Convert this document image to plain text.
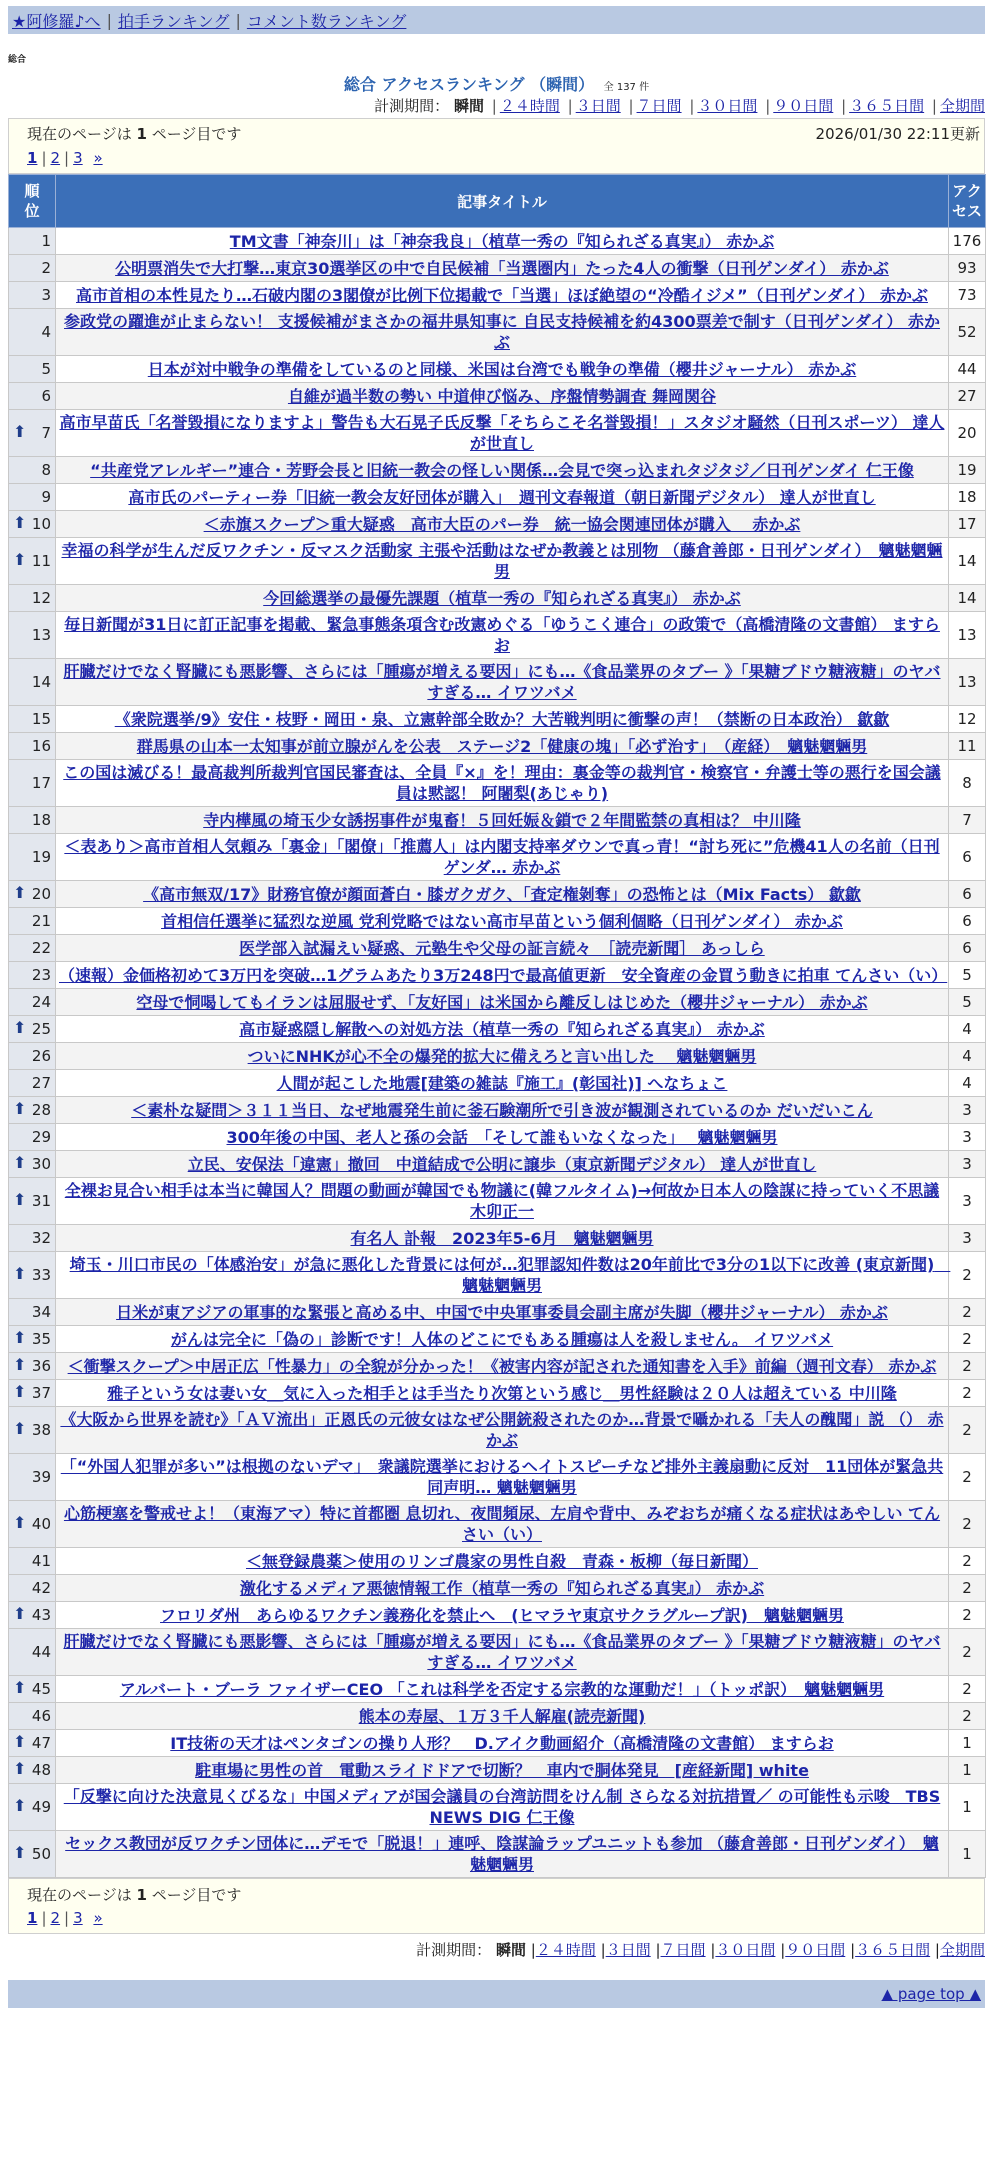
★阿修羅♪へ | 拍手ランキング | コメント数ランキング
総合
総合 アクセスランキング （瞬間） 全 137 件
計測期間： 瞬間 | ２４時間 | ３日間 | ７日間 | ３０日間 | ９０日間 | ３６５日間 | 全期間
現在のページは 1 ページ目です	2026/01/30 22:11更新
1 | 2 | 3 »
順位	記事タイトル	アクセス
1	TM文書「神奈川」は「神奈我良」（植草一秀の『知られざる真実』） 赤かぶ	176
2	公明票消失で大打撃…東京30選挙区の中で自民候補「当選圏内」たった4人の衝撃（日刊ゲンダイ） 赤かぶ	93
3	高市首相の本性見たり…石破内閣の3閣僚が比例下位掲載で「当選」ほぼ絶望の“冷酷イジメ”（日刊ゲンダイ） 赤かぶ	73
4	参政党の躍進が止まらない！ 支援候補がまさかの福井県知事に 自民支持候補を約4300票差で制す（日刊ゲンダイ） 赤かぶ	52
5	日本が対中戦争の準備をしているのと同様、米国は台湾でも戦争の準備（櫻井ジャーナル） 赤かぶ	44
6	自維が過半数の勢い 中道伸び悩み、序盤情勢調査 舞岡関谷	27

⬆ 7	高市早苗氏「名誉毀損になりますよ」警告も大石晃子氏反撃「そちらこそ名誉毀損！」スタジオ騒然（日刊スポーツ） 達人が世直し	20
8	“共産党アレルギー”連合・芳野会長と旧統一教会の怪しい関係…会見で突っ込まれタジタジ／日刊ゲンダイ 仁王像	19
9	高市氏のパーティー券「旧統一教会友好団体が購入」　週刊文春報道（朝日新聞デジタル） 達人が世直し	18

⬆ 10	＜赤旗スクープ＞重大疑惑　高市大臣のパー券　統一協会関連団体が購入　 赤かぶ	17

⬆ 11	幸福の科学が生んだ反ワクチン・反マスク活動家 主張や活動はなぜか教義とは別物 （藤倉善郎・日刊ゲンダイ）　魑魅魍魎男	14
12	今回総選挙の最優先課題（植草一秀の『知られざる真実』） 赤かぶ	14
13	毎日新聞が31日に訂正記事を掲載、緊急事態条項含む改憲めぐる「ゆうこく連合」の政策で（高橋清隆の文書館） ますらお	13
14	肝臓だけでなく腎臓にも悪影響、さらには「腫瘍が増える要因」にも…《食品業界のタブー 》「果糖ブドウ糖液糖」のヤバすぎる… イワツバメ	13
15	《衆院選挙/9》安住・枝野・岡田・泉、立憲幹部全敗か？大苦戦判明に衝撃の声！（禁断の日本政治） 歙歙	12
16	群馬県の山本一太知事が前立腺がんを公表　ステージ2「健康の塊」「必ず治す」　（産経）　魑魅魍魎男	11
17	この国は滅びる！最高裁判所裁判官国民審査は、全員『×』を！理由：裏金等の裁判官・検察官・弁護士等の悪行を国会議員は黙認！ 阿闍梨(あじゃり)	8
18	寺内樺風の埼玉少女誘拐事件が鬼畜！５回妊娠＆鎖で２年間監禁の真相は？ 中川隆	7
19	＜表あり＞高市首相人気頼み「裏金」「閣僚」「推薦人」は内閣支持率ダウンで真っ青！“討ち死に”危機41人の名前（日刊ゲンダ… 赤かぶ	6

⬆ 20	《高市無双/17》財務官僚が顔面蒼白・膝ガクガク、「査定権剝奪」の恐怖とは（Mix Facts） 歙歙	6
21	首相信任選挙に猛烈な逆風 党利党略ではない高市早苗という個利個略（日刊ゲンダイ） 赤かぶ	6
22	医学部入試漏えい疑惑、元塾生や父母の証言続々　［読売新聞］ あっしら	6
23	（速報）金価格初めて3万円を突破…1グラムあたり3万248円で最高値更新　安全資産の金買う動きに拍車 てんさい（い）	5
24	空母で恫喝してもイランは屈服せず、「友好国」は米国から離反しはじめた（櫻井ジャーナル） 赤かぶ	5

⬆ 25	高市疑惑隠し解散への対処方法（植草一秀の『知られざる真実』） 赤かぶ	4
26	ついにNHKが心不全の爆発的拡大に備えろと言い出した　 魑魅魍魎男	4
27	人間が起こした地震[建築の雑誌『施工』(彰国社)] へなちょこ	4

⬆ 28	＜素朴な疑問＞３１１当日、なぜ地震発生前に釜石験潮所で引き波が観測されているのか だいだいこん	3
29	300年後の中国、老人と孫の会話　「そして誰もいなくなった」　 魑魅魍魎男	3

⬆ 30	立民、安保法「違憲」撤回　中道結成で公明に譲歩（東京新聞デジタル） 達人が世直し	3

⬆ 31	全裸お見合い相手は本当に韓国人？問題の動画が韓国でも物議に(韓フルタイム)→何故か日本人の陰謀に持っていく不思議 木卯正一	3
32	有名人 訃報　2023年5-6月　魑魅魍魎男	3

⬆ 33	埼玉・川口市民の「体感治安」が急に悪化した背景には何が…犯罪認知件数は20年前比で3分の1以下に改善 (東京新聞)　魑魅魍魎男	2
34	日米が東アジアの軍事的な緊張と高める中、中国で中央軍事委員会副主席が失脚（櫻井ジャーナル） 赤かぶ	2

⬆ 35	がんは完全に「偽の」診断です！人体のどこにでもある腫瘍は人を殺しません。 イワツバメ	2

⬆ 36	＜衝撃スクープ＞中居正広「性暴力」の全貌が分かった！《被害内容が記された通知書を入手》前編（週刊文春） 赤かぶ	2

⬆ 37	雅子という女は妻い女＿気に入った相手とは手当たり次第という感じ＿男性経験は２０人は超えている 中川隆	2

⬆ 38	《大阪から世界を読む》「ＡＶ流出」正恩氏の元彼女はなぜ公開銃殺されたのか…背景で囁かれる「夫人の醜聞」説 （） 赤かぶ	2
39	「“外国人犯罪が多い”は根拠のないデマ」　衆議院選挙におけるヘイトスピーチなど排外主義扇動に反対　11団体が緊急共同声明… 魑魅魍魎男	2

⬆ 40	心筋梗塞を警戒せよ！（東海アマ）特に首都圏 息切れ、夜間頻尿、左肩や背中、みぞおちが痛くなる症状はあやしい てんさい（い）	2
41	＜無登録農薬＞使用のリンゴ農家の男性自殺　青森・板柳（毎日新聞）	2
42	激化するメディア悪徳情報工作（植草一秀の『知られざる真実』） 赤かぶ	2

⬆ 43	フロリダ州　あらゆるワクチン義務化を禁止へ　(ヒマラヤ東京サクラグループ訳)　魑魅魍魎男	2
44	肝臓だけでなく腎臓にも悪影響、さらには「腫瘍が増える要因」にも…《食品業界のタブー 》「果糖ブドウ糖液糖」のヤバすぎる… イワツバメ	2

⬆ 45	アルバート・ブーラ ファイザーCEO 「これは科学を否定する宗教的な運動だ！」（トッポ訳）　魑魅魍魎男	2
46	熊本の寿屋、１万３千人解雇(読売新聞)	2

⬆ 47	IT技術の天才はペンタゴンの操り人形？　D.アイク動画紹介（高橋清隆の文書館） ますらお	1

⬆ 48	駐車場に男性の首　電動スライドドアで切断？　車内で胴体発見　[産経新聞] white	1

⬆ 49	「反撃に向けた決意見くびるな」中国メディアが国会議員の台湾訪問をけん制 さらなる対抗措置／ の可能性も示唆　TBS NEWS DIG 仁王像	1

⬆ 50	セックス教団が反ワクチン団体に…デモで「脱退！」連呼、陰謀論ラップユニットも参加 （藤倉善郎・日刊ゲンダイ）　魑魅魍魎男	1
現在のページは 1 ページ目です
1 | 2 | 3 »
計測期間： 瞬間 |２４時間 |３日間 |７日間 |３０日間 |９０日間 |３６５日間 |全期間
▲ page top ▲
